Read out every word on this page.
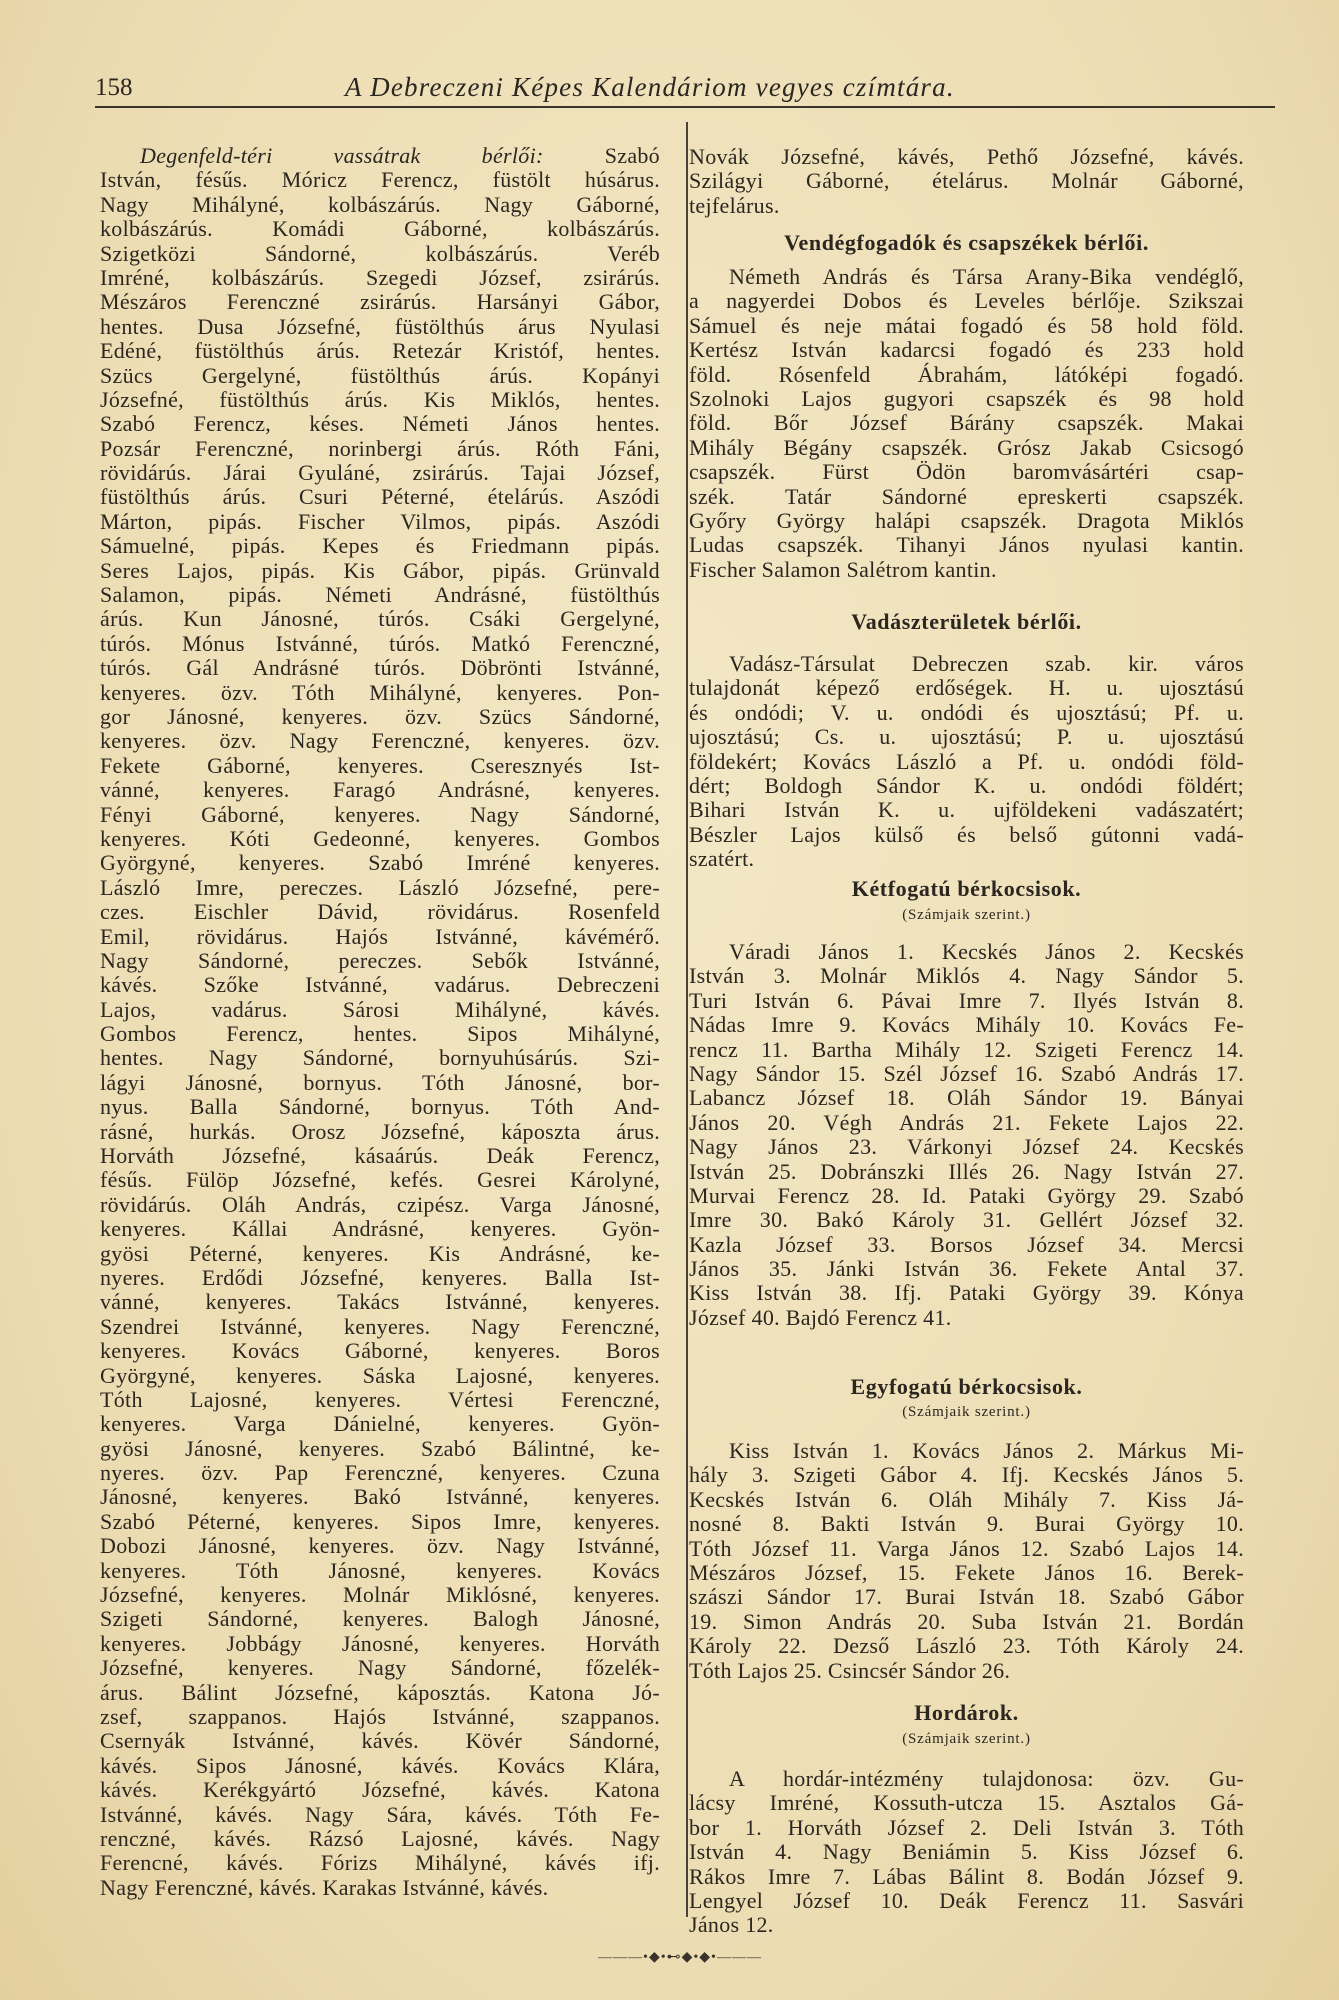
158	A Debreczeni Képes Kalendáriom vegyes czímtára.
Degenfeld-téri vassátrak bérlői:	Szabó
István, fésűs. Móricz Ferencz, füstölt húsárus.
Nagy Mihályné, kolbászárús. Nagy Gáborné,
kolbászárús. Komádi Gáborné, kolbászárús.
Szigetközi Sándorné, kolbászárús. Veréb
Imréné, kolbászárús. Szegedi József, zsirárús.
Mészáros Ferenczné zsirárús. Harsányi Gábor,
hentes. Dusa Józsefné, füstölthús árus Nyulasi
Edéné, füstölthús árús. Retezár Kristóf, hentes.
Szücs Gergelyné, füstölthús árús. Kopányi
Józsefné, füstölthús árús. Kis Miklós, hentes.
Szabó Ferencz, késes. Németi János hentes.
Pozsár Ferenczné, norinbergi árús. Róth Fáni,
rövidárús. Járai Gyuláné, zsirárús. Tajai József,
füstölthús árús. Csuri Péterné, ételárús. Aszódi
Márton, pipás. Fischer Vilmos, pipás. Aszódi
Sámuelné, pipás. Kepes és Friedmann pipás.
Seres Lajos, pipás. Kis Gábor, pipás. Grünvald
Salamon, pipás. Németi Andrásné, füstölthús
árús. Kun Jánosné, túrós. Csáki Gergelyné,
túrós. Mónus Istvánné, túrós. Matkó Ferenczné,
túrós. Gál Andrásné túrós. Döbrönti Istvánné,
kenyeres. özv. Tóth Mihályné, kenyeres. Pon-
gor Jánosné, kenyeres. özv. Szücs Sándorné,
kenyeres. özv. Nagy Ferenczné, kenyeres. özv.
Fekete Gáborné, kenyeres. Cseresznyés Ist-
vánné, kenyeres. Faragó Andrásné, kenyeres.
Fényi Gáborné, kenyeres. Nagy Sándorné,
kenyeres. Kóti Gedeonné, kenyeres. Gombos
Györgyné, kenyeres. Szabó Imréné kenyeres.
László Imre, pereczes. László Józsefné, pere-
czes. Eischler Dávid, rövidárus. Rosenfeld
Emil, rövidárus. Hajós Istvánné, kávémérő.
Nagy Sándorné, pereczes. Sebők Istvánné,
kávés. Szőke Istvánné, vadárus. Debreczeni
Lajos, vadárus. Sárosi Mihályné, kávés.
Gombos Ferencz, hentes. Sipos Mihályné,
hentes. Nagy Sándorné, bornyuhúsárús. Szi-
lágyi Jánosné, bornyus. Tóth Jánosné, bor-
nyus. Balla Sándorné, bornyus. Tóth And-
rásné, hurkás. Orosz Józsefné, káposzta árus.
Horváth Józsefné, kásaárús. Deák Ferencz,
fésűs. Fülöp Józsefné, kefés. Gesrei Károlyné,
rövidárús. Oláh András, czipész. Varga Jánosné,
kenyeres. Kállai Andrásné, kenyeres. Gyön-
gyösi Péterné, kenyeres. Kis Andrásné, ke-
nyeres. Erdődi Józsefné, kenyeres. Balla Ist-
vánné, kenyeres. Takács Istvánné, kenyeres.
Szendrei Istvánné, kenyeres. Nagy Ferenczné,
kenyeres. Kovács Gáborné, kenyeres. Boros
Györgyné, kenyeres. Sáska Lajosné, kenyeres.
Tóth Lajosné, kenyeres. Vértesi Ferenczné,
kenyeres. Varga Dánielné, kenyeres. Gyön-
gyösi Jánosné, kenyeres. Szabó Bálintné, ke-
nyeres. özv. Pap Ferenczné, kenyeres. Czuna
Jánosné, kenyeres. Bakó Istvánné, kenyeres.
Szabó Péterné, kenyeres. Sipos Imre, kenyeres.
Dobozi Jánosné, kenyeres. özv. Nagy Istvánné,
kenyeres. Tóth Jánosné, kenyeres. Kovács
Józsefné, kenyeres. Molnár Miklósné, kenyeres.
Szigeti Sándorné, kenyeres. Balogh Jánosné,
kenyeres. Jobbágy Jánosné, kenyeres. Horváth
Józsefné, kenyeres. Nagy Sándorné, főzelék-
árus. Bálint Józsefné, káposztás. Katona Jó-
zsef, szappanos. Hajós Istvánné, szappanos.
Csernyák Istvánné, kávés. Kövér Sándorné,
kávés. Sipos Jánosné, kávés. Kovács Klára,
kávés. Kerékgyártó Józsefné, kávés. Katona
Istvánné, kávés. Nagy Sára, kávés. Tóth Fe-
renczné, kávés. Rázsó Lajosné, kávés. Nagy
Ferencné, kávés. Fórizs Mihályné, kávés ifj.
Nagy Ferenczné, kávés. Karakas Istvánné, kávés.
Novák Józsefné, kávés, Pethő Józsefné, kávés.
Szilágyi Gáborné, ételárus. Molnár Gáborné,
tejfelárus.
Vendégfogadók és csapszékek bérlői.
Németh András és Társa Arany-Bika vendéglő,
a nagyerdei Dobos és Leveles bérlője. Szikszai
Sámuel és neje mátai fogadó és 58 hold föld.
Kertész István kadarcsi fogadó és 233 hold
föld. Rósenfeld Ábrahám, látóképi fogadó.
Szolnoki Lajos gugyori csapszék és 98 hold
föld. Bőr József Bárány csapszék. Makai
Mihály Bégány csapszék. Grósz Jakab Csicsogó
csapszék. Fürst Ödön baromvásártéri csap-
szék. Tatár Sándorné epreskerti csapszék.
Győry György halápi csapszék. Dragota Miklós
Ludas csapszék. Tihanyi János nyulasi kantin.
Fischer Salamon Salétrom kantin.
Vadászterületek bérlői.
Vadász-Társulat Debreczen szab. kir. város
tulajdonát képező erdőségek. H. u. ujosztású
és ondódi; V. u. ondódi és ujosztású; Pf. u.
ujosztású; Cs. u. ujosztású; P. u. ujosztású
földekért; Kovács László a Pf. u. ondódi föld-
dért; Boldogh Sándor K. u. ondódi földért;
Bihari István K. u. ujföldekeni vadászatért;
Bészler Lajos külső és belső gútonni vadá-
szatért.
Kétfogatú bérkocsisok.
(Számjaik szerint.)
Váradi János 1. Kecskés János 2. Kecskés
István 3. Molnár Miklós 4. Nagy Sándor 5.
Turi István 6. Pávai Imre 7. Ilyés István 8.
Nádas Imre 9. Kovács Mihály 10. Kovács Fe-
rencz 11. Bartha Mihály 12. Szigeti Ferencz 14.
Nagy Sándor 15. Szél József 16. Szabó András 17.
Labancz József 18. Oláh Sándor 19. Bányai
János 20. Végh András 21. Fekete Lajos 22.
Nagy János 23. Várkonyi József 24. Kecskés
István 25. Dobránszki Illés 26. Nagy István 27.
Murvai Ferencz 28. Id. Pataki György 29. Szabó
Imre 30. Bakó Károly 31. Gellért József 32.
Kazla József 33. Borsos József 34. Mercsi
János 35. Jánki István 36. Fekete Antal 37.
Kiss István 38. Ifj. Pataki György 39. Kónya
József 40. Bajdó Ferencz 41.
Egyfogatú bérkocsisok.
(Számjaik szerint.)
Kiss István 1. Kovács János 2. Márkus Mi-
hály 3. Szigeti Gábor 4. Ifj. Kecskés János 5.
Kecskés István 6. Oláh Mihály 7. Kiss Já-
nosné 8. Bakti István 9. Burai György 10.
Tóth József 11. Varga János 12. Szabó Lajos 14.
Mészáros József, 15. Fekete János 16. Berek-
szászi Sándor 17. Burai István 18. Szabó Gábor
19. Simon András 20. Suba István 21. Bordán
Károly 22. Dezső László 23. Tóth Károly 24.
Tóth Lajos 25. Csincsér Sándor 26.
Hordárok.
(Számjaik szerint.)
A hordár-intézmény tulajdonosa: özv. Gu-
lácsy Imréné, Kossuth-utcza 15. Asztalos Gá-
bor 1. Horváth József 2. Deli István 3. Tóth
István 4. Nagy Beniámin 5. Kiss József 6.
Rákos Imre 7. Lábas Bálint 8. Bodán József 9.
Lengyel József 10. Deák Ferencz 11. Sasvári
János 12.
———•◆•⊷◆•◆•———
